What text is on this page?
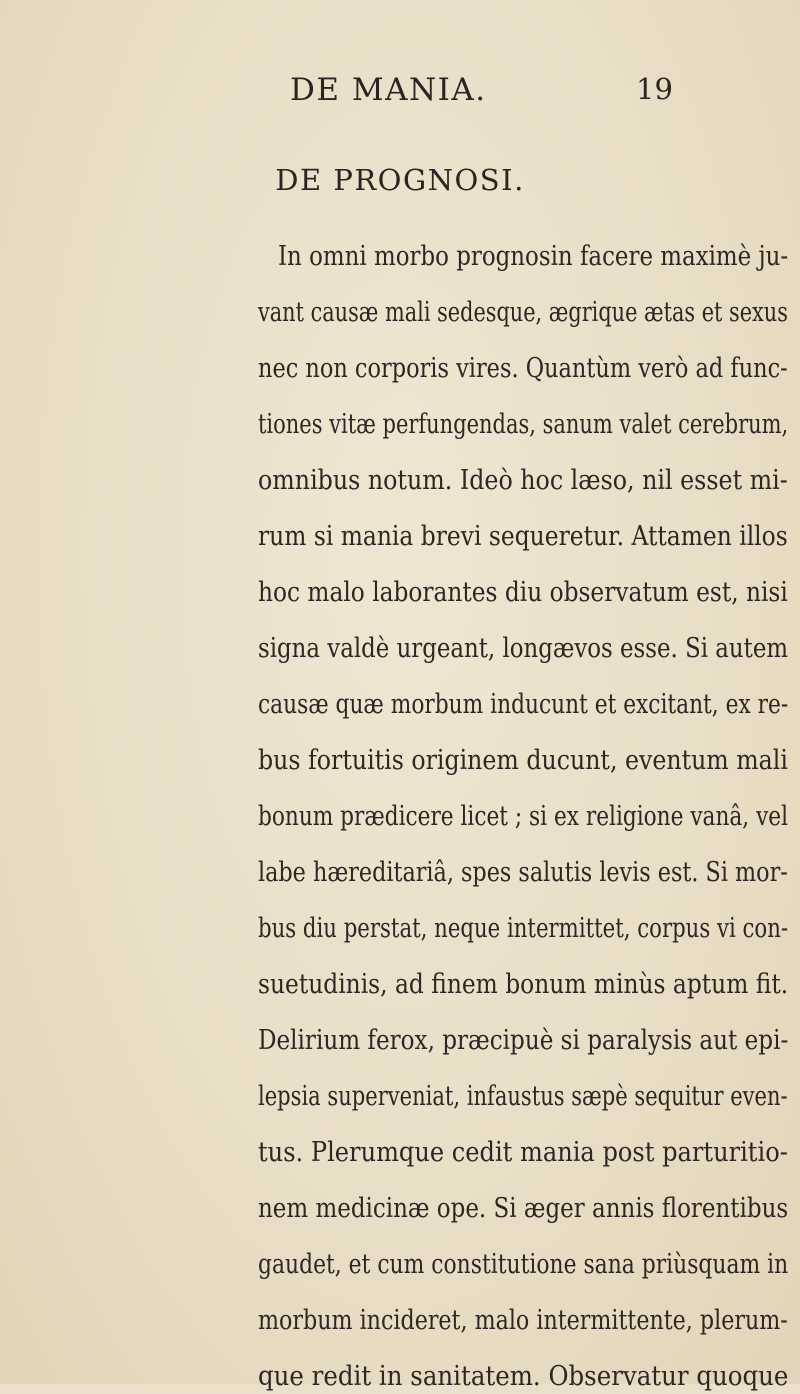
DE MANIA.	19
DE PROGNOSI.
In omni morbo prognosin facere maximè ju-
vant causæ mali sedesque, ægrique ætas et sexus
nec non corporis vires. Quantùm verò ad func-
tiones vitæ perfungendas, sanum valet cerebrum,
omnibus notum. Ideò hoc læso, nil esset mi-
rum si mania brevi sequeretur. Attamen illos
hoc malo laborantes diu observatum est, nisi
signa valdè urgeant, longævos esse. Si autem
causæ quæ morbum inducunt et excitant, ex re-
bus fortuitis originem ducunt, eventum mali
bonum prædicere licet ; si ex religione vanâ, vel
labe hæreditariâ, spes salutis levis est. Si mor-
bus diu perstat, neque intermittet, corpus vi con-
suetudinis, ad finem bonum minùs aptum fit.
Delirium ferox, præcipuè si paralysis aut epi-
lepsia superveniat, infaustus sæpè sequitur even-
tus. Plerumque cedit mania post parturitio-
nem medicinæ ope. Si æger annis florentibus
gaudet, et cum constitutione sana priùsquam in
morbum incideret, malo intermittente, plerum-
que redit in sanitatem. Observatur quoque
